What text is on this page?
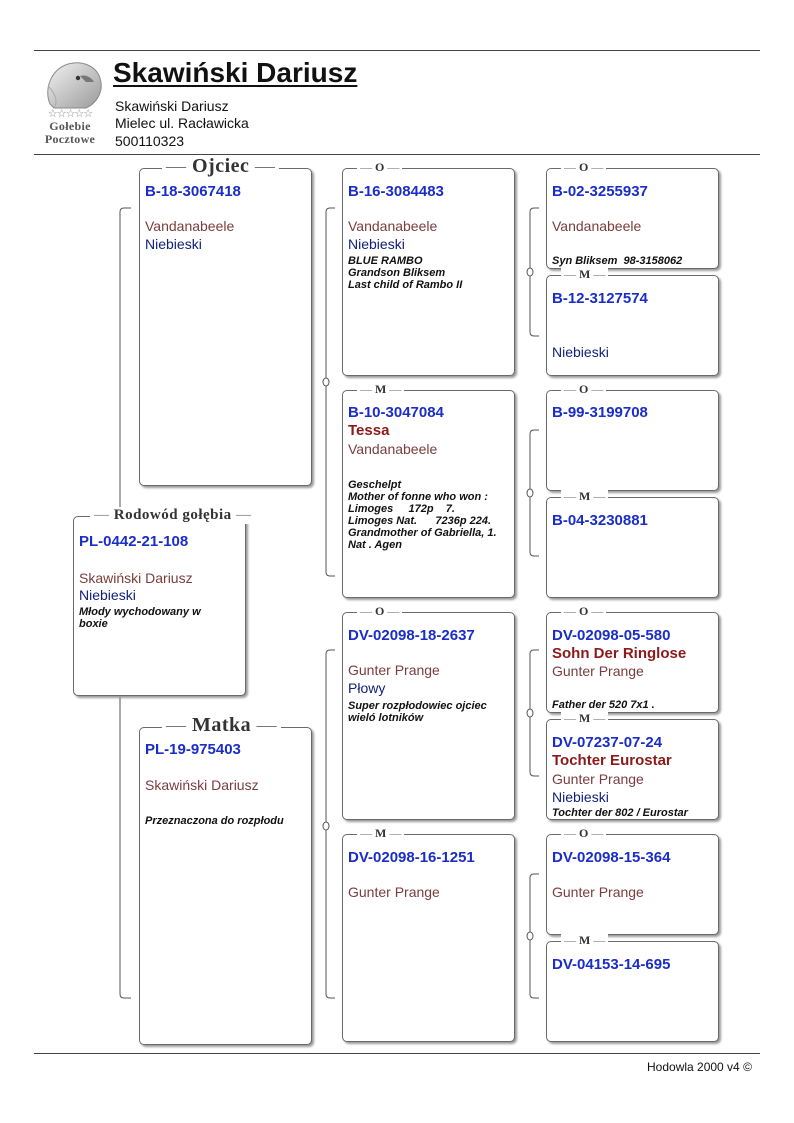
☆☆☆☆☆
Gołebie
Pocztowe
Skawiński Dariusz
Skawiński Dariusz
Mielec ul. Racławicka
500110323
— Rodowód gołębia —
PL-0442-21-108
Skawiński Dariusz
Niebieski
Młody wychodowany w
boxie
— Ojciec —
B-18-3067418
Vandanabeele
Niebieski
— Matka —
PL-19-975403
Skawiński Dariusz
Przeznaczona do rozpłodu
— O —
B-16-3084483
Vandanabeele
Niebieski
BLUE RAMBO
Grandson Bliksem
Last child of Rambo II
— M —
B-10-3047084
Tessa
Vandanabeele
Geschelpt
Mother of fonne who won :
Limoges     172p    7.
Limoges Nat.      7236p 224.
Grandmother of Gabriella, 1.
Nat . Agen
— O —
DV-02098-18-2637
Gunter Prange
Płowy
Super rozpłodowiec ojciec
wieló lotników
— M —
DV-02098-16-1251
Gunter Prange
— O —
B-02-3255937
Vandanabeele
Syn Bliksem  98-3158062
— M —
B-12-3127574
Niebieski
— O —
B-99-3199708
— M —
B-04-3230881
— O —
DV-02098-05-580
Sohn Der Ringlose
Gunter Prange
Father der 520 7x1 .
— M —
DV-07237-07-24
Tochter Eurostar
Gunter Prange
Niebieski
Tochter der 802 / Eurostar
— O —
DV-02098-15-364
Gunter Prange
— M —
DV-04153-14-695
Hodowla 2000 v4 ©
